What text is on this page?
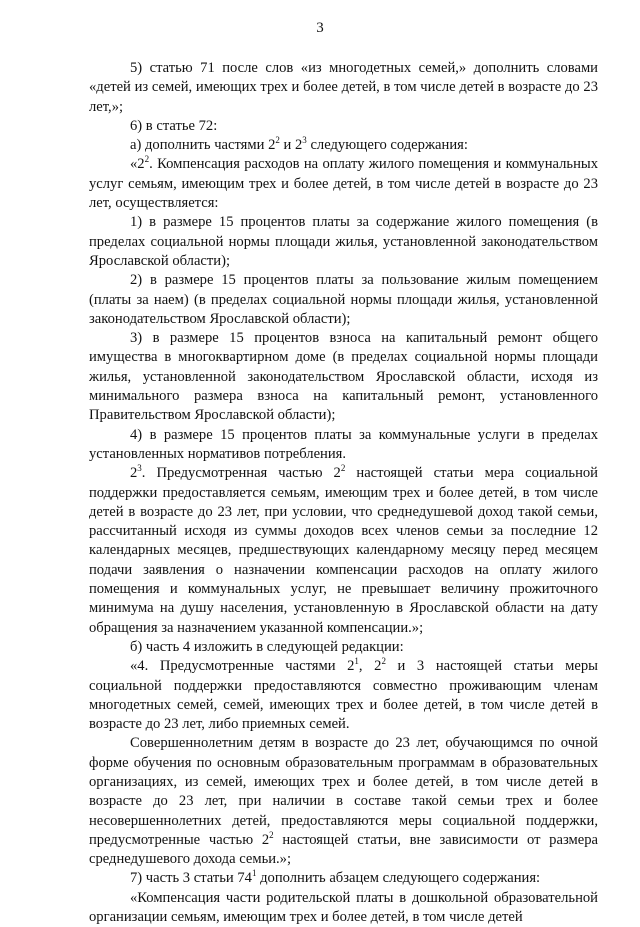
3

5) статью 71 после слов «из многодетных семей,» дополнить словами «детей из семей, имеющих трех и более детей, в том числе детей в возрасте до 23 лет,»;

6) в статье 72:

а) дополнить частями $2^2$ и $2^3$ следующего содержания:

«$2^2$. Компенсация расходов на оплату жилого помещения и коммунальных услуг семьям, имеющим трех и более детей, в том числе детей в возрасте до 23 лет, осуществляется:

1) в размере 15 процентов платы за содержание жилого помещения (в пределах социальной нормы площади жилья, установленной законодательством Ярославской области);

2) в размере 15 процентов платы за пользование жилым помещением (платы за наем) (в пределах социальной нормы площади жилья, установленной законодательством Ярославской области);

3) в размере 15 процентов взноса на капитальный ремонт общего имущества в многоквартирном доме (в пределах социальной нормы площади жилья, установленной законодательством Ярославской области, исходя из минимального размера взноса на капитальный ремонт, установленного Правительством Ярославской области);

4) в размере 15 процентов платы за коммунальные услуги в пределах установленных нормативов потребления.

$2^3$. Предусмотренная частью $2^2$ настоящей статьи мера социальной поддержки предоставляется семьям, имеющим трех и более детей, в том числе детей в возрасте до 23 лет, при условии, что среднедушевой доход такой семьи, рассчитанный исходя из суммы доходов всех членов семьи за последние 12 календарных месяцев, предшествующих календарному месяцу перед месяцем подачи заявления о назначении компенсации расходов на оплату жилого помещения и коммунальных услуг, не превышает величину прожиточного минимума на душу населения, установленную в Ярославской области на дату обращения за назначением указанной компенсации.»;

б) часть 4 изложить в следующей редакции:

«4. Предусмотренные частями $2^1$, $2^2$ и 3 настоящей статьи меры социальной поддержки предоставляются совместно проживающим членам многодетных семей, семей, имеющих трех и более детей, в том числе детей в возрасте до 23 лет, либо приемных семей.

Совершеннолетним детям в возрасте до 23 лет, обучающимся по очной форме обучения по основным образовательным программам в образовательных организациях, из семей, имеющих трех и более детей, в том числе детей в возрасте до 23 лет, при наличии в составе такой семьи трех и более несовершеннолетних детей, предоставляются меры социальной поддержки, предусмотренные частью $2^2$ настоящей статьи, вне зависимости от размера среднедушевого дохода семьи.»;

7) часть 3 статьи $74^1$ дополнить абзацем следующего содержания:

«Компенсация части родительской платы в дошкольной образовательной организации семьям, имеющим трех и более детей, в том числе детей
